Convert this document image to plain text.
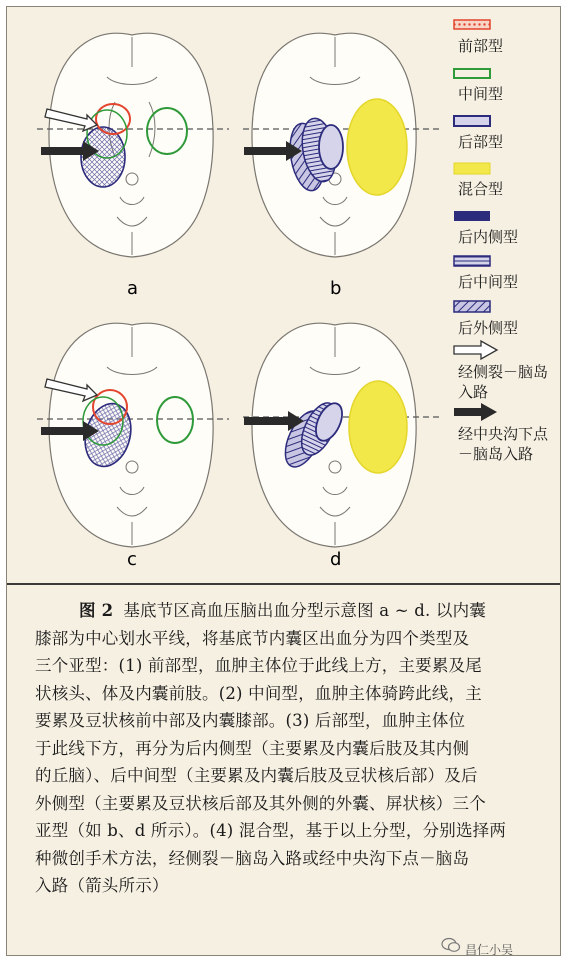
a	b
c	d
前部型
中间型
后部型
混合型
后内侧型
后中间型
后外侧型
经侧裂－脑岛
入路
经中央沟下点
－脑岛入路
图 2 基底节区高血压脑出血分型示意图 a ~ d. 以内囊
膝部为中心划水平线，将基底节内囊区出血分为四个类型及
三个亚型：(1) 前部型，血肿主体位于此线上方，主要累及尾
状核头、体及内囊前肢。(2) 中间型，血肿主体骑跨此线，主
要累及豆状核前中部及内囊膝部。(3) 后部型，血肿主体位
于此线下方，再分为后内侧型（主要累及内囊后肢及其内侧
的丘脑）、后中间型（主要累及内囊后肢及豆状核后部）及后
外侧型（主要累及豆状核后部及其外侧的外囊、屏状核）三个
亚型（如 b、d 所示）。(4) 混合型，基于以上分型，分别选择两
种微创手术方法，经侧裂－脑岛入路或经中央沟下点－脑岛
入路（箭头所示）
昌仁小吴
